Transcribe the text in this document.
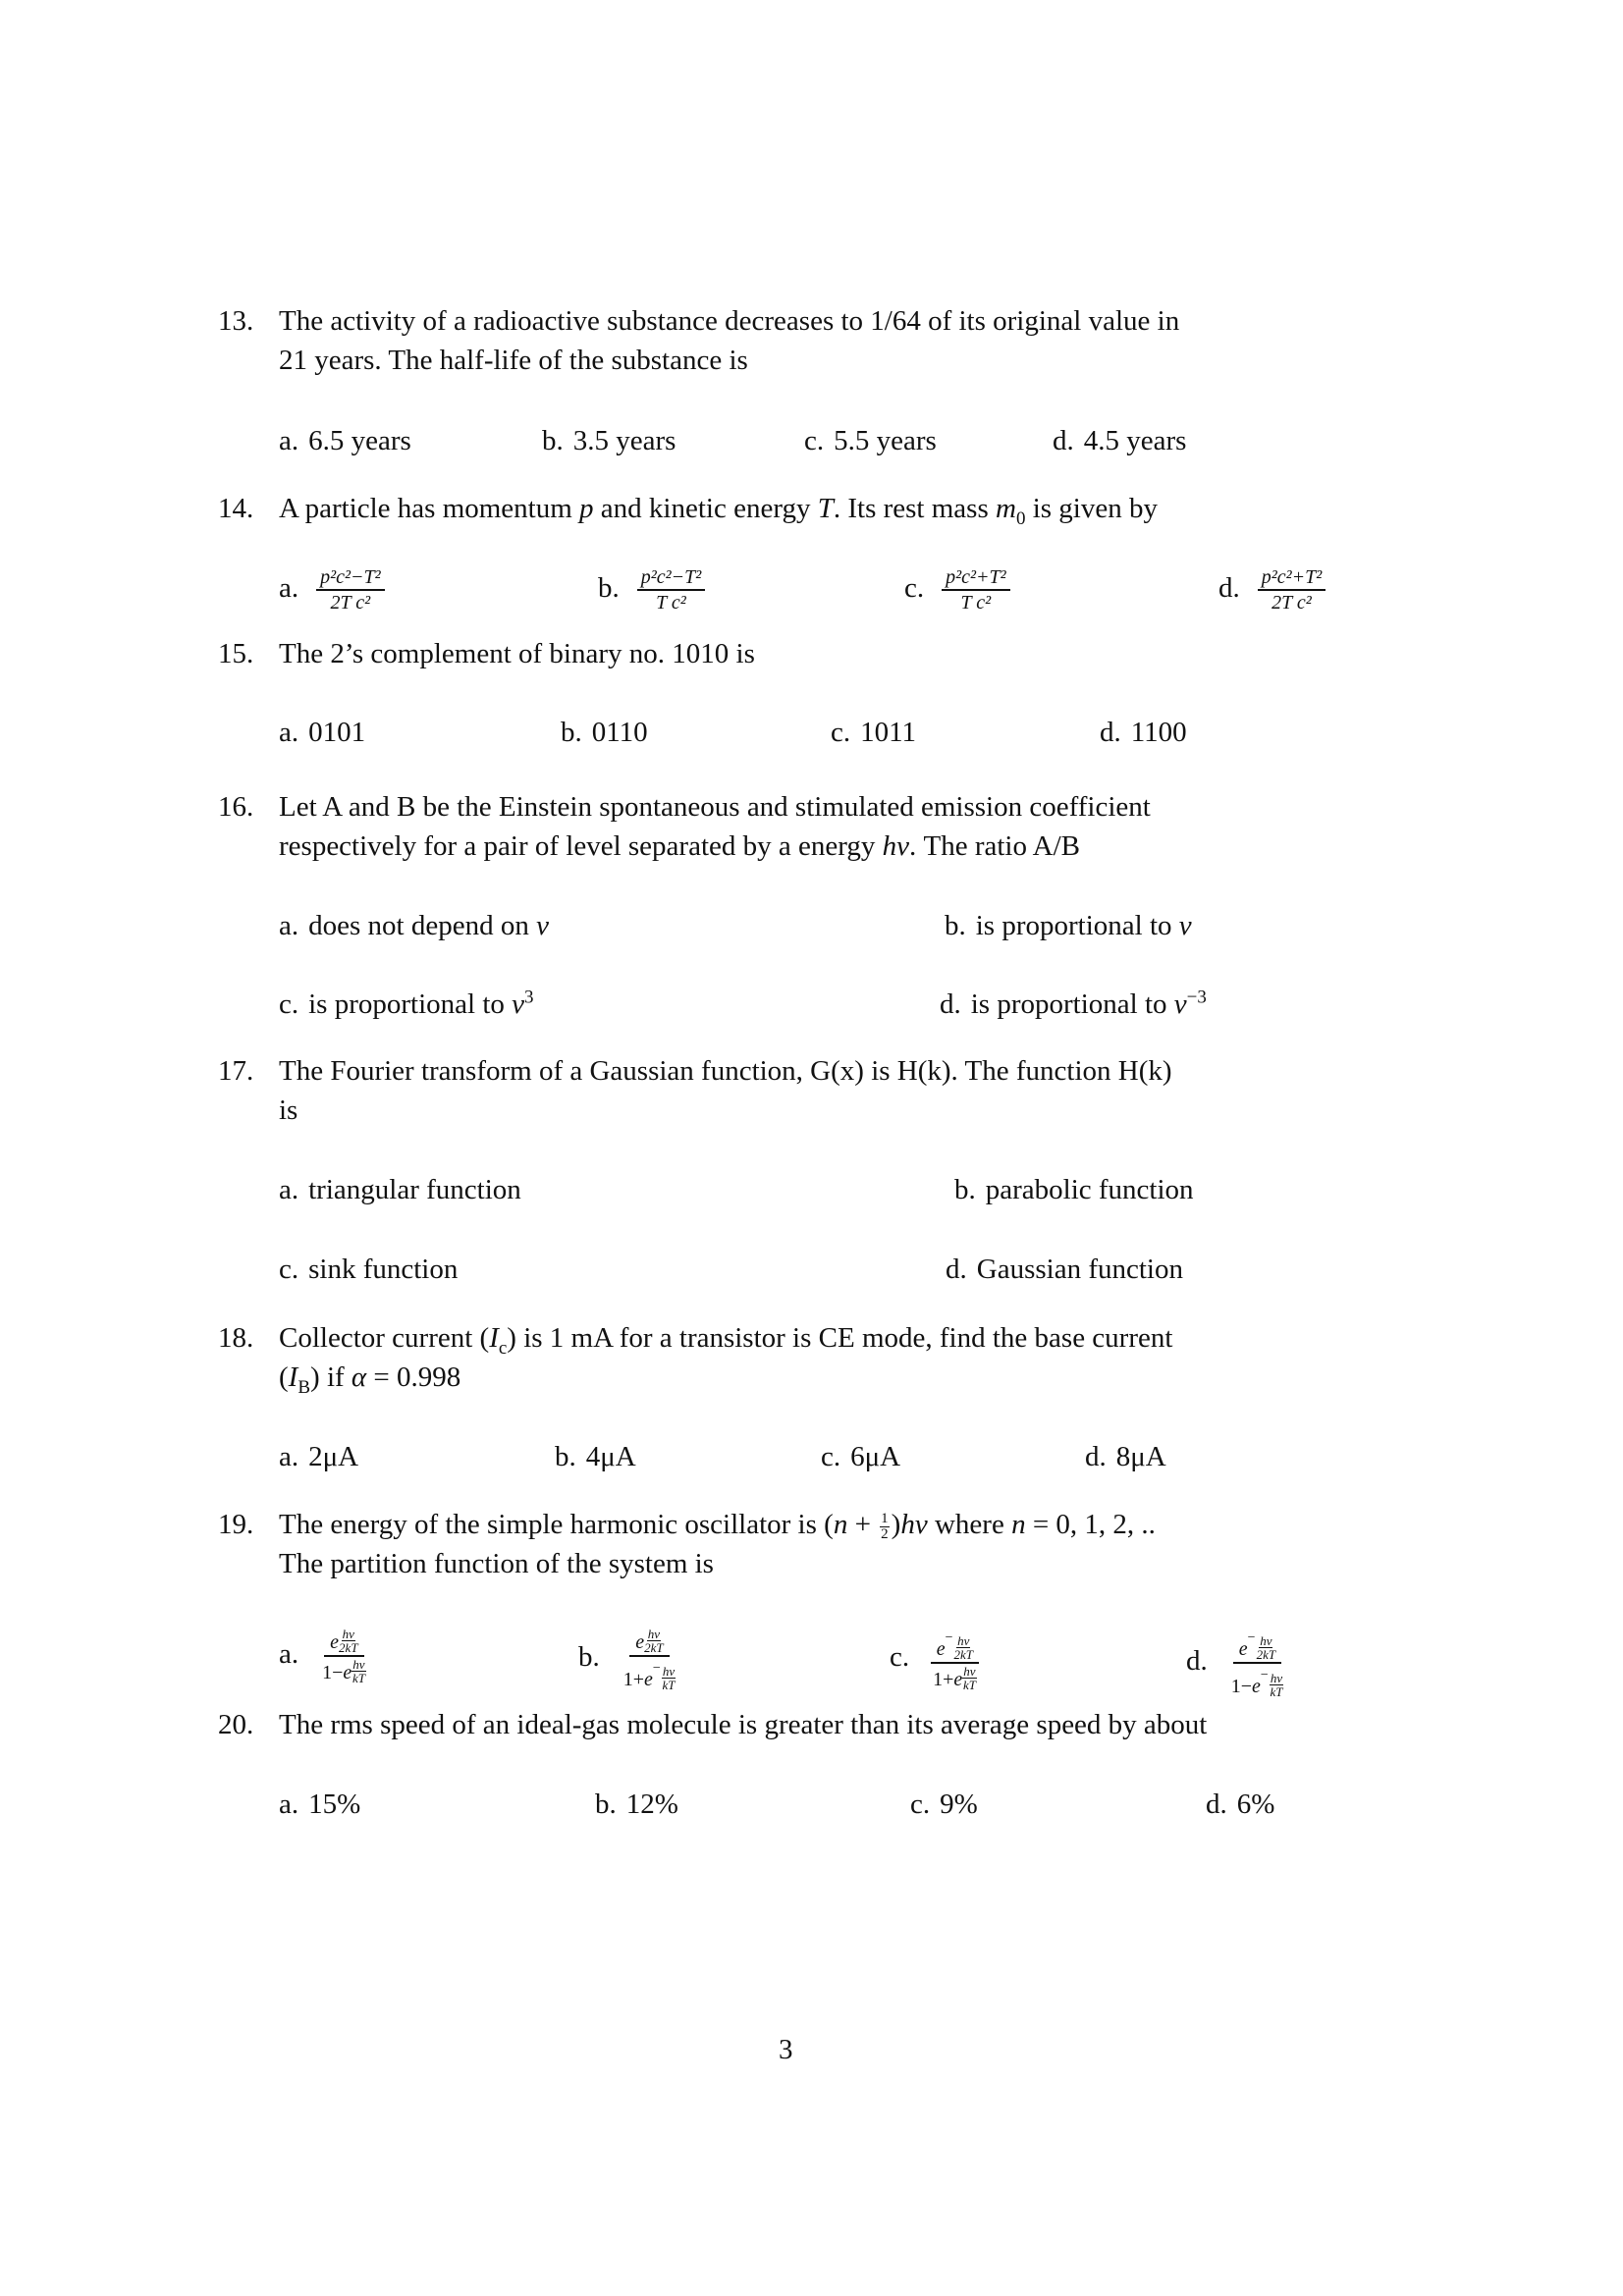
13. The activity of a radioactive substance decreases to 1/64 of its original value in
21 years. The half-life of the substance is
a. 6.5 years	b. 3.5 years	c. 5.5 years	d. 4.5 years
14. A particle has momentum p and kinetic energy T. Its rest mass $m_0$ is given by
a. $\frac{\text{p²c²−T²}}{\text{2T c²}}$	b. $\frac{\text{p²c²−T²}}{\text{T c²}}$	c. $\frac{\text{p²c²+T²}}{\text{T c²}}$	d. $\frac{\text{p²c²+T²}}{\text{2T c²}}$
15. The 2’s complement of binary no. 1010 is
a. 0101	b. 0110	c. 1011	d. 1100
16. Let A and B be the Einstein spontaneous and stimulated emission coefficient
respectively for a pair of level separated by a energy hν. The ratio A/B
a. does not depend on ν	b. is proportional to ν
c. is proportional to $\nu^3$	d. is proportional to $\nu^{-3}$
17. The Fourier transform of a Gaussian function, G(x) is H(k). The function H(k)
is
a. triangular function	b. parabolic function
c. sink function	d. Gaussian function
18. Collector current $(I_c)$ is 1 mA for a transistor is CE mode, find the base current
$(I_B)$ if α = 0.998
a. 2μA	b. 4μA	c. 6μA	d. 8μA
19. The energy of the simple harmonic oscillator is $(n + \frac{1}{2} )h\nu$ where n = 0, 1, 2, ..
The partition function of the system is
a.	e $\frac{h\nu}{2kT}$
$1-e \frac{h\nu}{kT}$	b.	e $\frac{h\nu}{2kT}$
$1+e^- \frac{h\nu}{kT}$
c.	$e^- \frac{h\nu}{2kT}$
$1+e \frac{h\nu}{kT}$
d.	$e^- \frac{h\nu}{2kT}$
$1-e^- \frac{h\nu}{kT}$
20. The rms speed of an ideal-gas molecule is greater than its average speed by about
a. 15%	b. 12%	c. 9%	d. 6%
3
